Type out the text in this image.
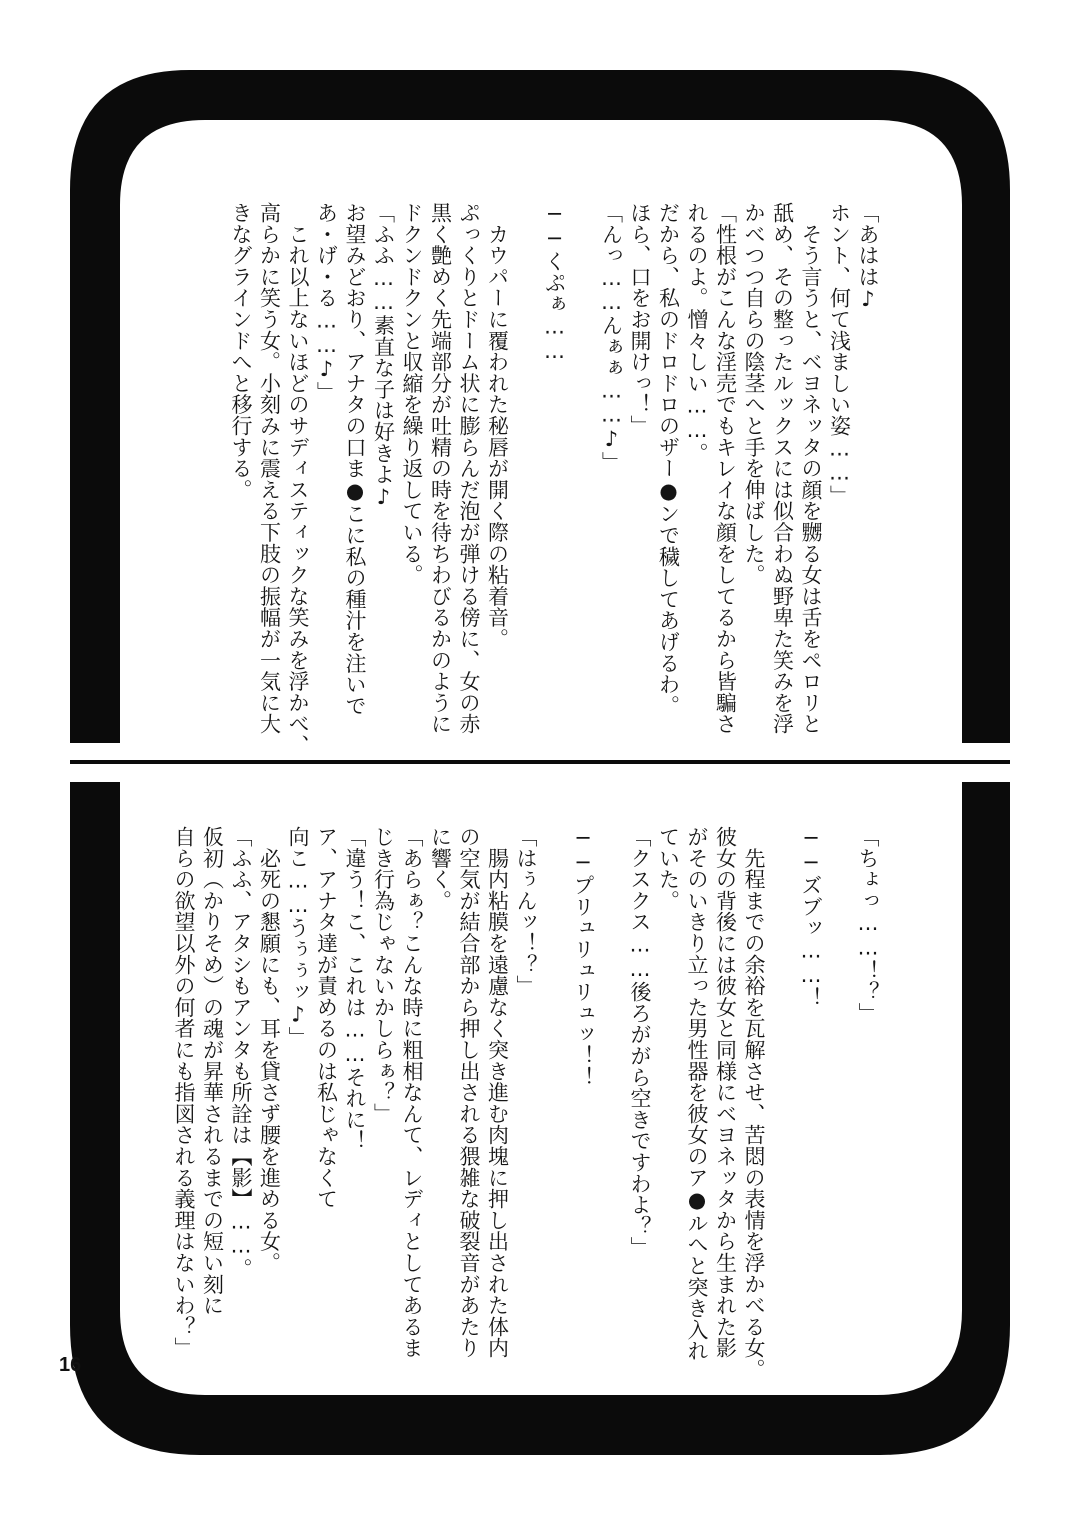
「あはは♪
ホント、何て浅ましい姿……」
　そう言うと、ベヨネッタの顔を嬲る女は舌をペロリと
舐め、その整ったルックスには似合わぬ野卑た笑みを浮
かべつつ自らの陰茎へと手を伸ばした。
「性根がこんな淫売でもキレイな顔をしてるから皆騙さ
れるのよ。憎々しい……。
だから、私のドロドロのザー●ンで穢してあげるわ。
ほら、口をお開けっ！」
「んっ……んぁぁ……♪」

──くぷぁ……

　カウパーに覆われた秘唇が開く際の粘着音。
ぷっくりとドーム状に膨らんだ泡が弾ける傍に、女の赤
黒く艶めく先端部分が吐精の時を待ちわびるかのように
ドクンドクンと収縮を繰り返している。
「ふふ……素直な子は好きよ♪
お望みどおり、アナタの口ま●こに私の種汁を注いで
あ・げ・る……♪」
　これ以上ないほどのサディスティックな笑みを浮かべ、
高らかに笑う女。小刻みに震える下肢の振幅が一気に大
きなグラインドへと移行する。
「ちょっ……！？」

──ズブッ……！

　先程までの余裕を瓦解させ、苦悶の表情を浮かべる女。
彼女の背後には彼女と同様にベヨネッタから生まれた影
がそのいきり立った男性器を彼女のア●ルへと突き入れ
ていた。
「クスクス……後ろががら空きですわよ？」

──プリュリュリュッ！！

「はぅんッ！？」
　腸内粘膜を遠慮なく突き進む肉塊に押し出された体内
の空気が結合部から押し出される猥雑な破裂音があたり
に響く。
「あらぁ？こんな時に粗相なんて、レディとしてあるま
じき行為じゃないかしらぁ？」
「違う！こ、これは……それに！
ア、アナタ達が責めるのは私じゃなくて
向こ……うぅぅッ♪」
　必死の懇願にも、耳を貸さず腰を進める女。
「ふふ、アタシもアンタも所詮は【影】……。
仮初（かりそめ）の魂が昇華されるまでの短い刻に
自らの欲望以外の何者にも指図される義理はないわ？」

16
